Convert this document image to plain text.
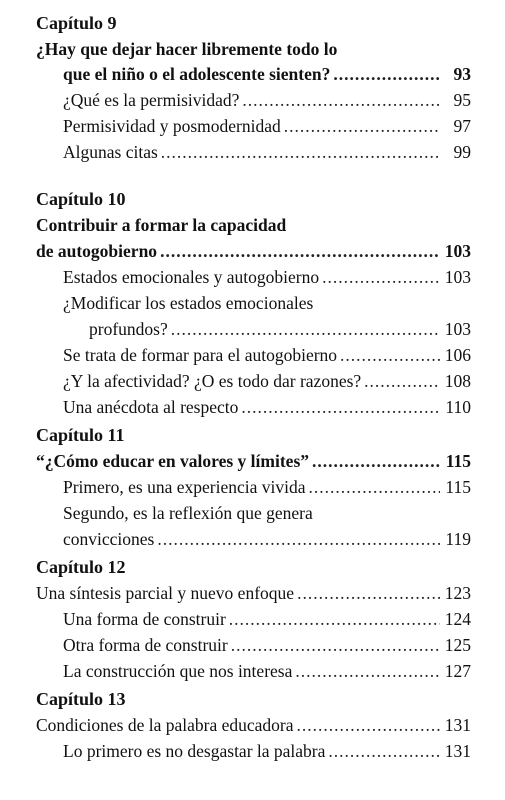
Capítulo 9
¿Hay que dejar hacer libremente todo lo
que el niño o el adolescente sienten? .....	93
¿Qué es la permisividad? .....	95
Permisividad y posmodernidad .....	97
Algunas citas .....	99
Capítulo 10
Contribuir a formar la capacidad
de autogobierno .....	103
Estados emocionales y autogobierno .....	103
¿Modificar los estados emocionales
profundos? .....	103
Se trata de formar para el autogobierno .....	106
¿Y la afectividad? ¿O es todo dar razones? .....	108
Una anécdota al respecto .....	110
Capítulo 11
“¿Cómo educar en valores y límites” .....	115
Primero, es una experiencia vivida .....	115
Segundo, es la reflexión que genera
convicciones .....	119
Capítulo 12
Una síntesis parcial y nuevo enfoque .....	123
Una forma de construir .....	124
Otra forma de construir .....	125
La construcción que nos interesa .....	127
Capítulo 13
Condiciones de la palabra educadora .....	131
Lo primero es no desgastar la palabra .....	131
